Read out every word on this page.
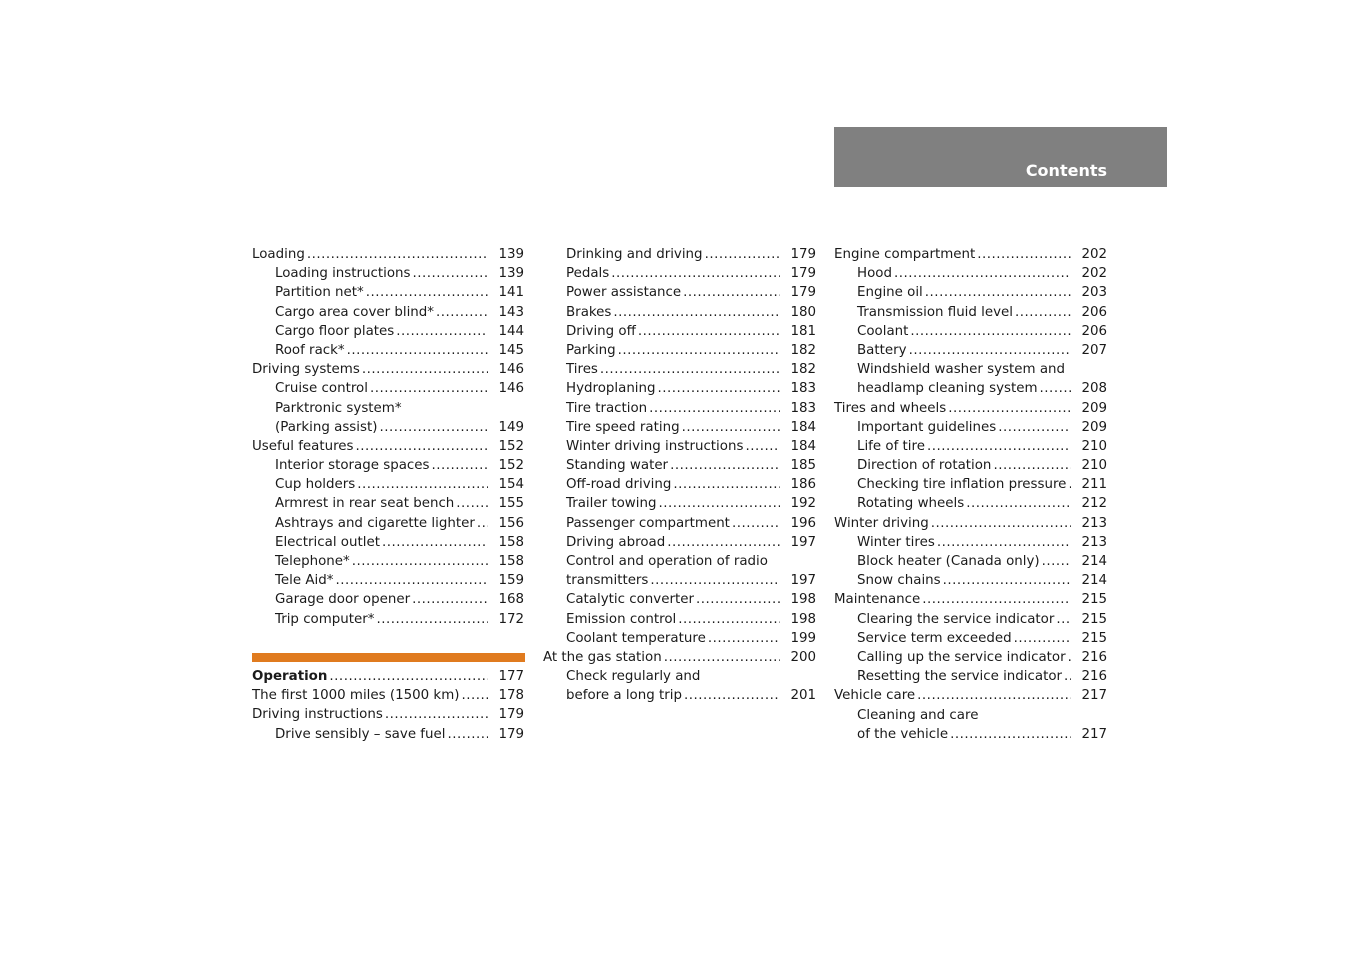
Contents
Loading .....	139
Loading instructions .....	139
Partition net* .....	141
Cargo area cover blind* .....	143
Cargo floor plates .....	144
Roof rack* .....	145
Driving systems .....	146
Cruise control .....	146
Parktronic system*
(Parking assist) .....	149
Useful features .....	152
Interior storage spaces .....	152
Cup holders .....	154
Armrest in rear seat bench .....	155
Ashtrays and cigarette lighter .....	156
Electrical outlet .....	158
Telephone* .....	158
Tele Aid* .....	159
Garage door opener .....	168
Trip computer* .....	172
Operation .....	177
The first 1000 miles (1500 km) .....	178
Driving instructions .....	179
Drive sensibly – save fuel .....	179
Drinking and driving .....	179
Pedals .....	179
Power assistance .....	179
Brakes .....	180
Driving off .....	181
Parking .....	182
Tires .....	182
Hydroplaning .....	183
Tire traction .....	183
Tire speed rating .....	184
Winter driving instructions .....	184
Standing water .....	185
Off-road driving .....	186
Trailer towing .....	192
Passenger compartment .....	196
Driving abroad .....	197
Control and operation of radio
transmitters .....	197
Catalytic converter .....	198
Emission control .....	198
Coolant temperature .....	199
At the gas station .....	200
Check regularly and
before a long trip .....	201
Engine compartment .....	202
Hood .....	202
Engine oil .....	203
Transmission fluid level .....	206
Coolant .....	206
Battery .....	207
Windshield washer system and
headlamp cleaning system .....	208
Tires and wheels .....	209
Important guidelines .....	209
Life of tire .....	210
Direction of rotation .....	210
Checking tire inflation pressure .....	211
Rotating wheels .....	212
Winter driving .....	213
Winter tires .....	213
Block heater (Canada only) .....	214
Snow chains .....	214
Maintenance .....	215
Clearing the service indicator .....	215
Service term exceeded .....	215
Calling up the service indicator .....	216
Resetting the service indicator .....	216
Vehicle care .....	217
Cleaning and care
of the vehicle .....	217
